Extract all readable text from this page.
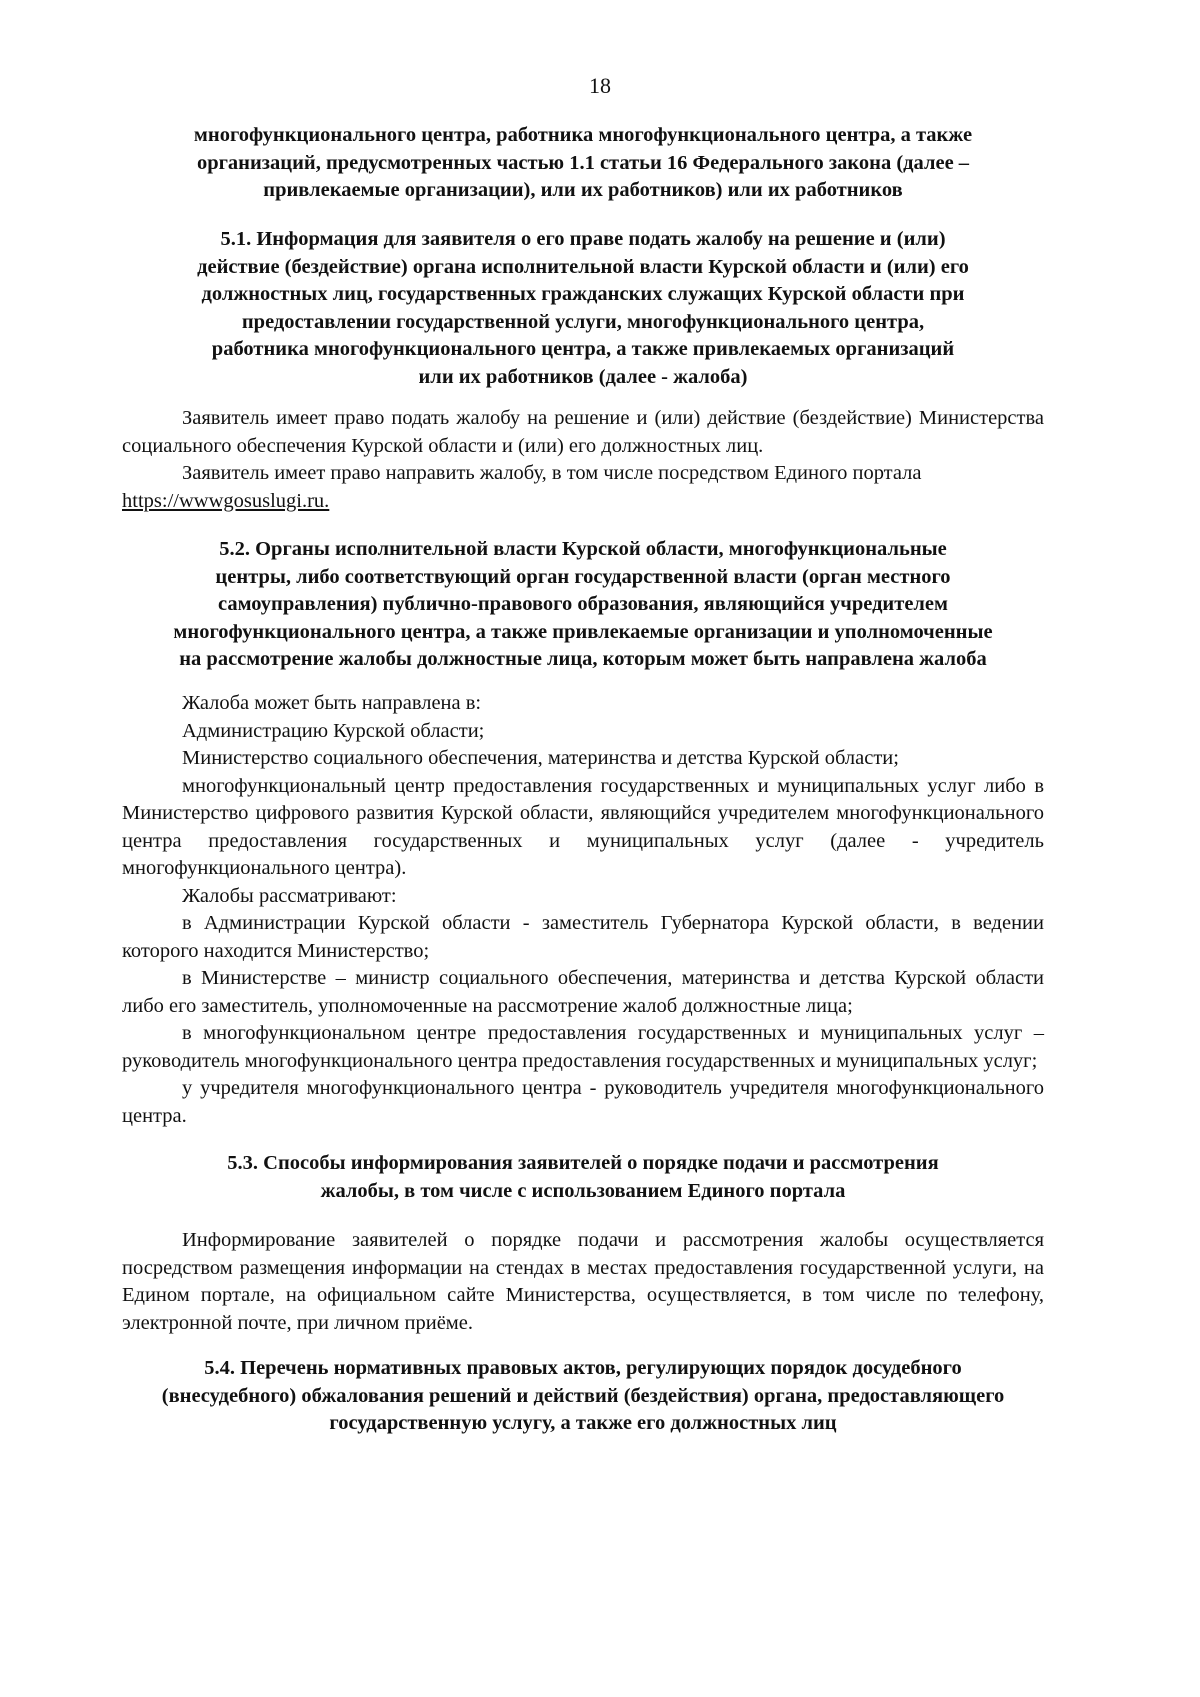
18
многофункционального центра, работника многофункционального центра, а также
организаций, предусмотренных частью 1.1 статьи 16 Федерального закона (далее –
привлекаемые организации), или их работников) или их работников
5.1. Информация для заявителя о его праве подать жалобу на решение и (или)
действие (бездействие) органа исполнительной власти Курской области и (или) его
должностных лиц, государственных гражданских служащих Курской области при
предоставлении государственной услуги, многофункционального центра,
работника многофункционального центра, а также привлекаемых организаций
или их работников (далее - жалоба)

Заявитель имеет право подать жалобу на решение и (или) действие (бездействие) Министерства социального обеспечения Курской области и (или) его должностных лиц.

Заявитель имеет право направить жалобу, в том числе посредством Единого портала

https://wwwgosuslugi.ru.

5.2. Органы исполнительной власти Курской области, многофункциональные
центры, либо соответствующий орган государственной власти (орган местного
самоуправления) публично-правового образования, являющийся учредителем
многофункционального центра, а также привлекаемые организации и уполномоченные
на рассмотрение жалобы должностные лица, которым может быть направлена жалоба

Жалоба может быть направлена в:

Администрацию Курской области;

Министерство социального обеспечения, материнства и детства Курской области;

многофункциональный центр предоставления государственных и муниципальных услуг либо в Министерство цифрового развития Курской области, являющийся учредителем многофункционального центра предоставления государственных и муниципальных услуг (далее - учредитель многофункционального центра).

Жалобы рассматривают:

в Администрации Курской области - заместитель Губернатора Курской области, в ведении которого находится Министерство;

в Министерстве – министр социального обеспечения, материнства и детства Курской области либо его заместитель, уполномоченные на рассмотрение жалоб должностные лица;

в многофункциональном центре предоставления государственных и муниципальных услуг – руководитель многофункционального центра предоставления государственных и муниципальных услуг;

у учредителя многофункционального центра - руководитель учредителя многофункционального центра.

5.3. Способы информирования заявителей о порядке подачи и рассмотрения
жалобы, в том числе с использованием Единого портала

Информирование заявителей о порядке подачи и рассмотрения жалобы осуществляется посредством размещения информации на стендах в местах предоставления государственной услуги, на Едином портале, на официальном сайте Министерства, осуществляется, в том числе по телефону, электронной почте, при личном приёме.

5.4. Перечень нормативных правовых актов, регулирующих порядок досудебного
(внесудебного) обжалования решений и действий (бездействия) органа, предоставляющего
государственную услугу, а также его должностных лиц
